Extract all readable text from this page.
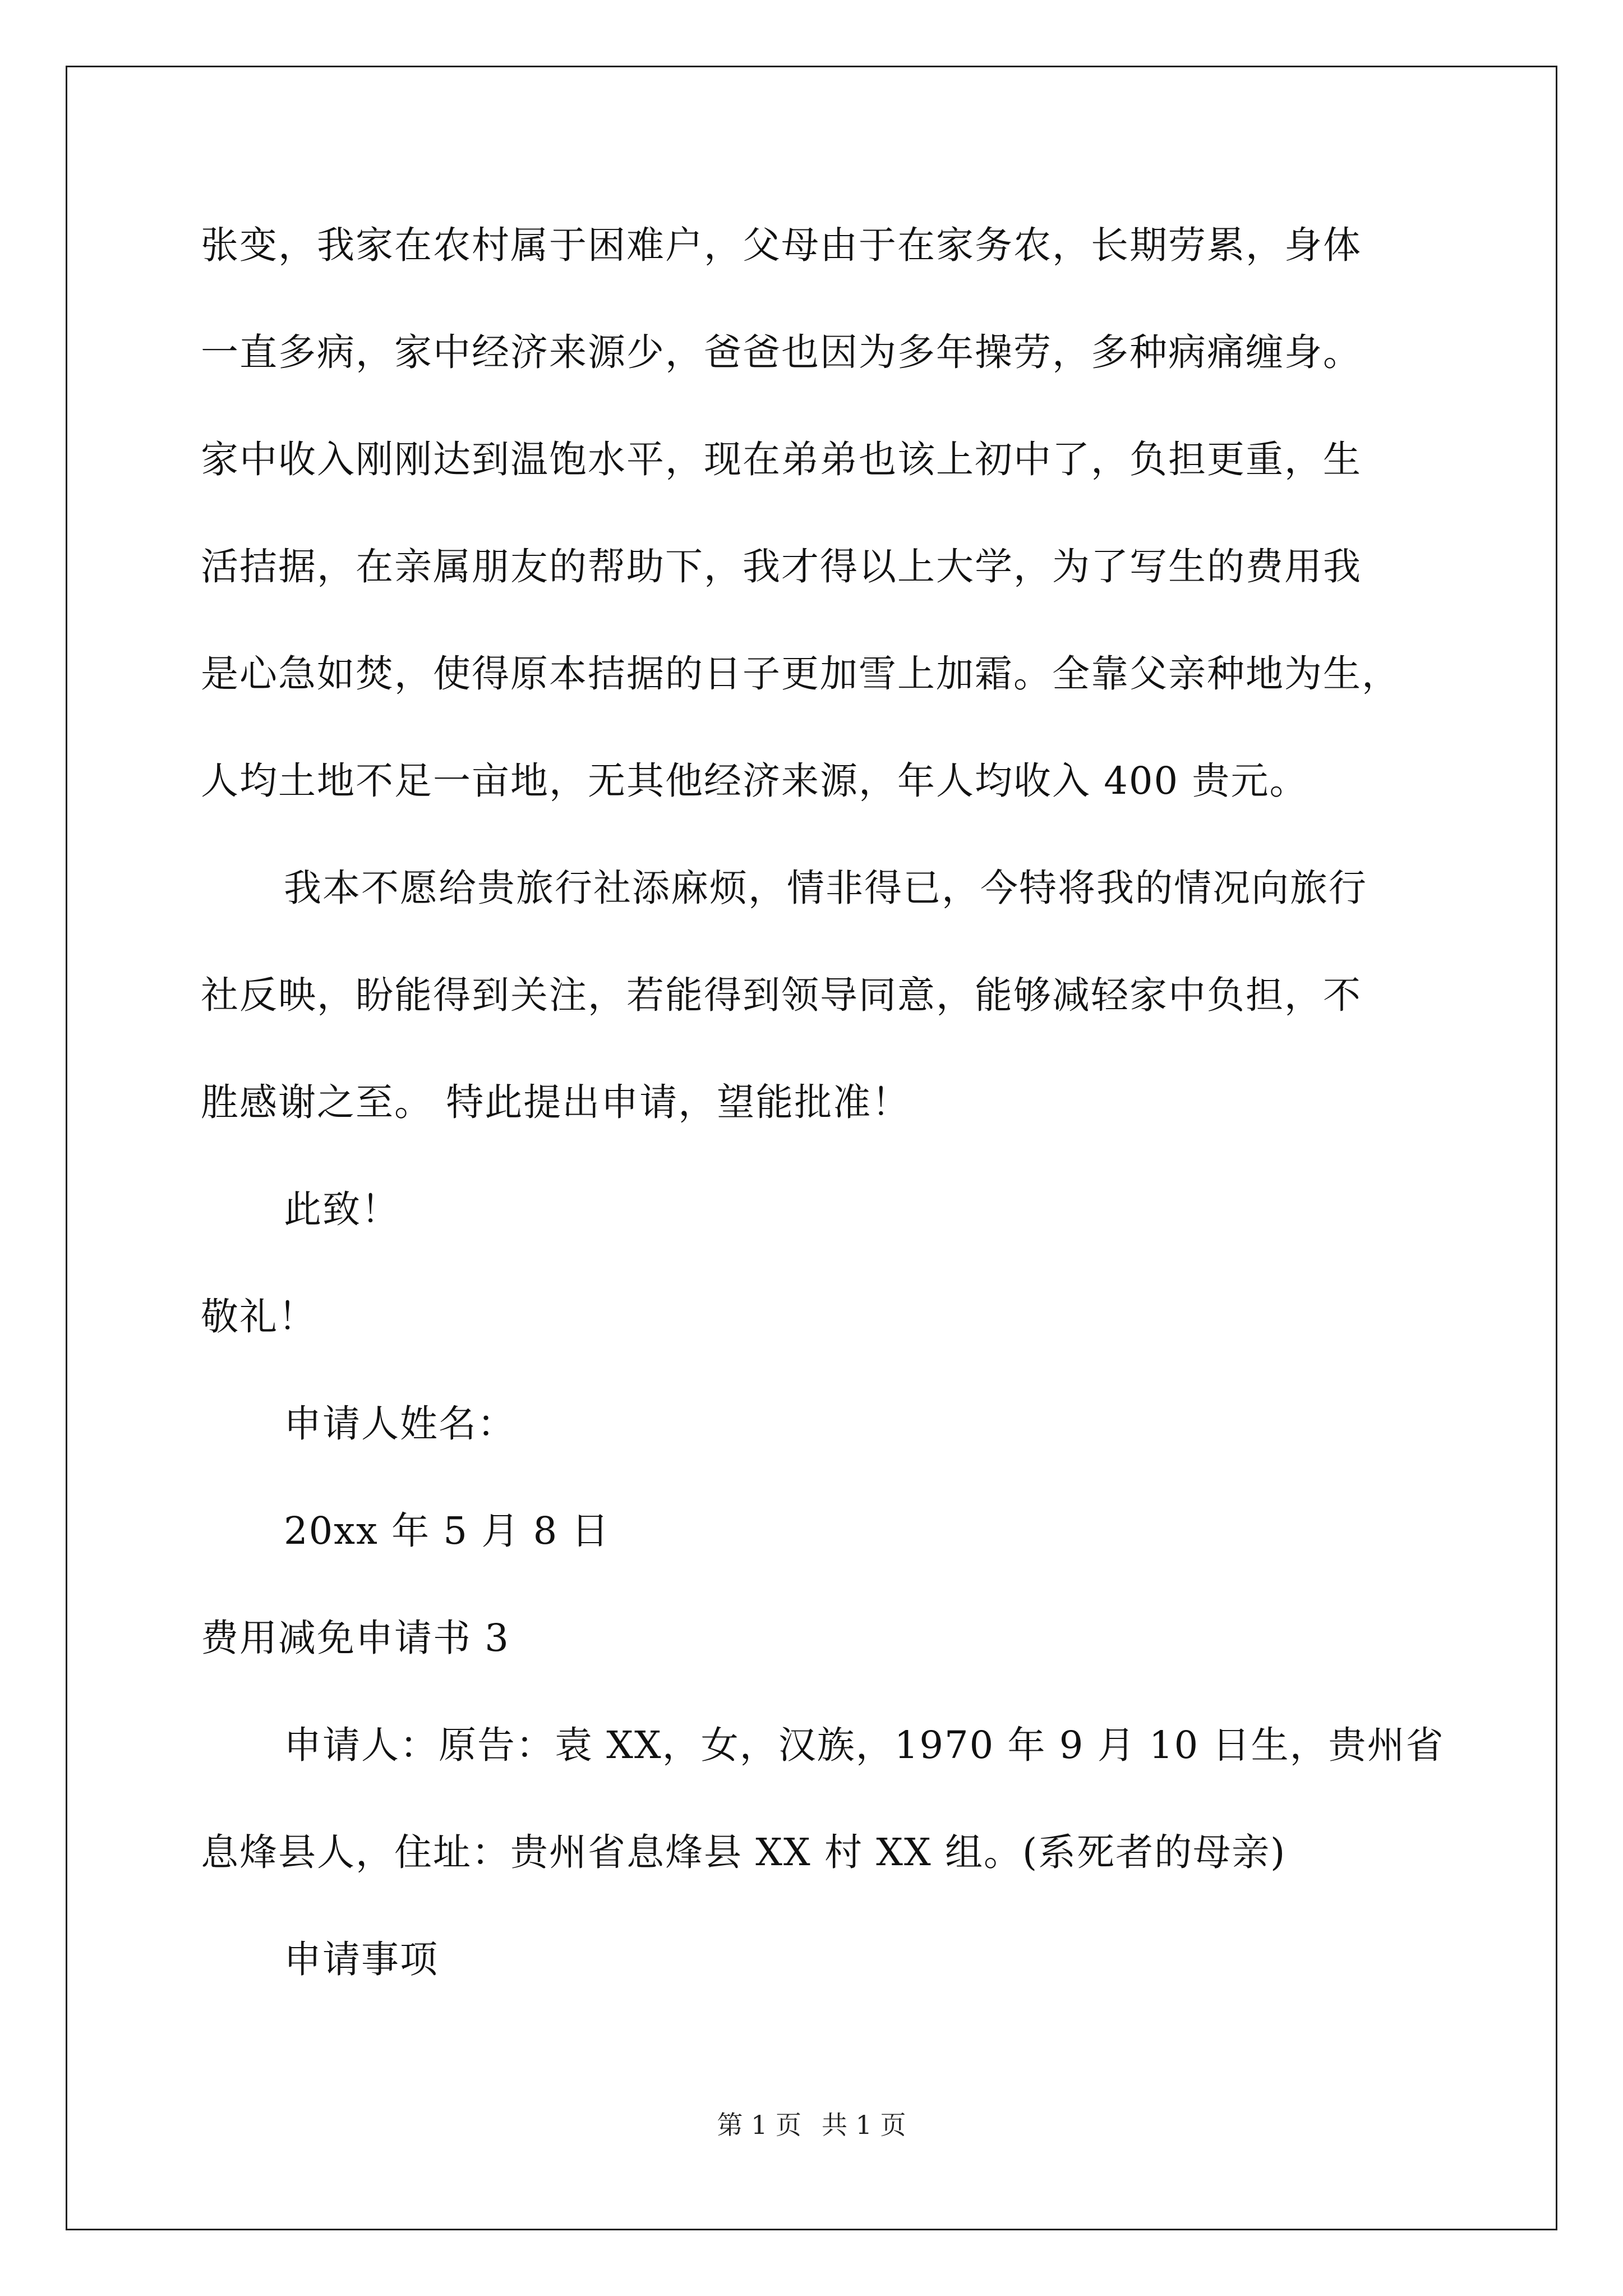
张变，我家在农村属于困难户，父母由于在家务农，长期劳累，身体

一直多病，家中经济来源少，爸爸也因为多年操劳，多种病痛缠身。

家中收入刚刚达到温饱水平，现在弟弟也该上初中了，负担更重，生

活拮据，在亲属朋友的帮助下，我才得以上大学，为了写生的费用我

是心急如焚，使得原本拮据的日子更加雪上加霜。全靠父亲种地为生，

人均土地不足一亩地，无其他经济来源，年人均收入 400 贵元。

我本不愿给贵旅行社添麻烦，情非得已，今特将我的情况向旅行

社反映，盼能得到关注，若能得到领导同意，能够减轻家中负担，不

胜感谢之至。 特此提出申请，望能批准！

此致！

敬礼！

申请人姓名：

20xx 年 5 月 8 日

费用减免申请书 3

申请人：原告：袁 XX，女，汉族，1970 年 9 月 10 日生，贵州省

息烽县人，住址：贵州省息烽县 XX 村 XX 组。(系死者的母亲)

申请事项

第 1 页 共 1 页
